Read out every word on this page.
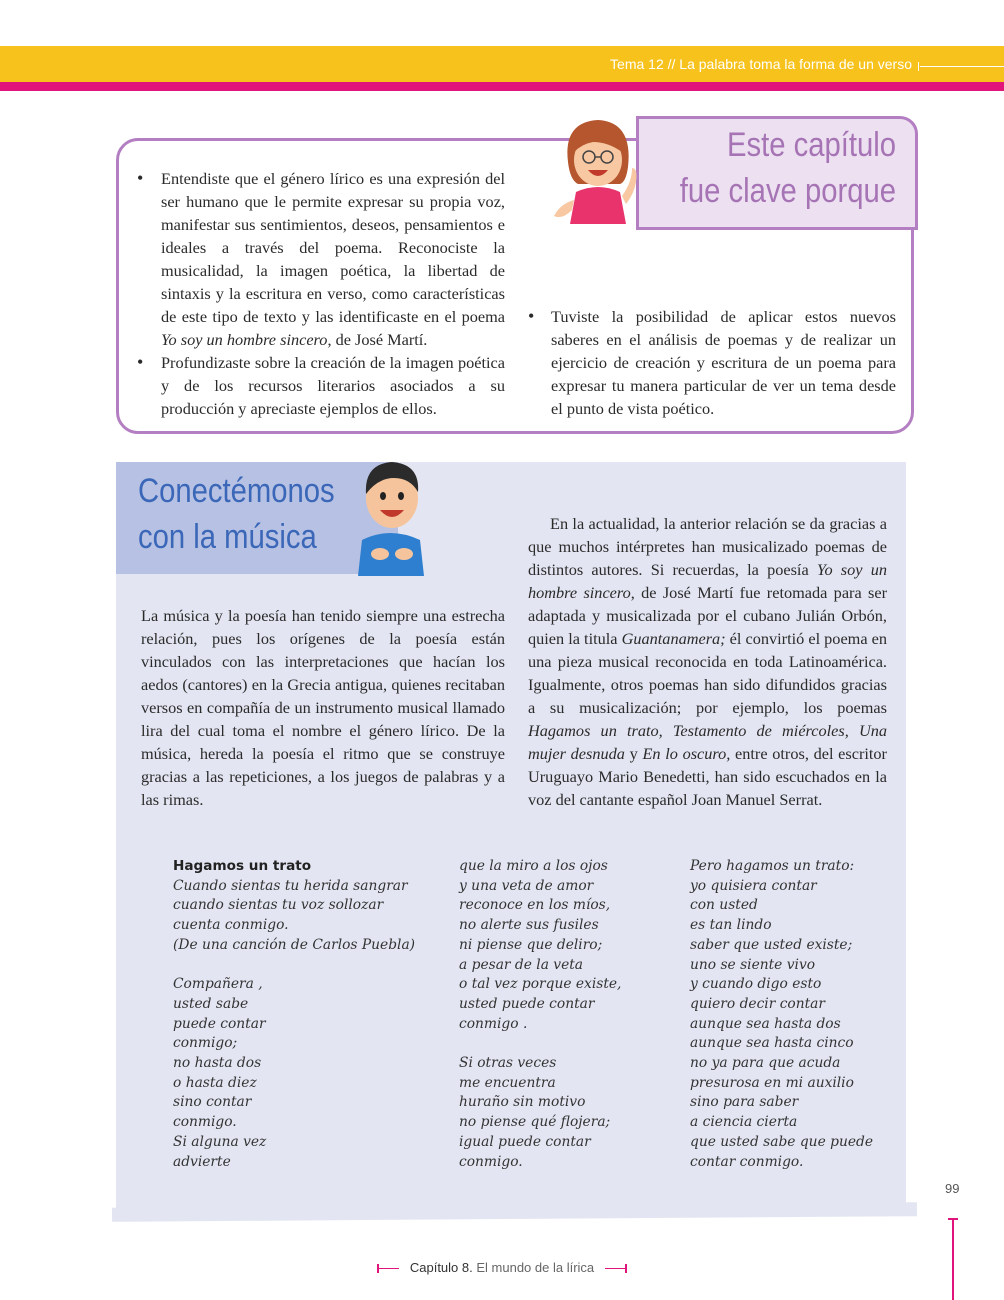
Tema 12 // La palabra toma la forma de un verso
Este capítulo
fue clave porque
• Entendiste que el género lírico es una expresión del ser humano que le permite expresar su propia voz, manifestar sus sentimientos, deseos, pensamientos e ideales a través del poema. Reconociste la musicalidad, la imagen poética, la libertad de sintaxis y la escritura en verso, como características de este tipo de texto y las identificaste en el poema Yo soy un hombre sincero, de José Martí.
• Profundizaste sobre la creación de la imagen poética y de los recursos literarios asociados a su producción y apreciaste ejemplos de ellos.
• Tuviste la posibilidad de aplicar estos nuevos saberes en el análisis de poemas y de realizar un ejercicio de creación y escritura de un poema para expresar tu manera particular de ver un tema desde el punto de vista poético.
Conectémonos
con la música
La música y la poesía han tenido siempre una estrecha relación, pues los orígenes de la poesía están vinculados con las interpretaciones que hacían los aedos (cantores) en la Grecia antigua, quienes recitaban versos en compañía de un instrumento musical llamado lira del cual toma el nombre el género lírico. De la música, hereda la poesía el ritmo que se construye gracias a las repeticiones, a los juegos de palabras y a las rimas.
En la actualidad, la anterior relación se da gracias a que muchos intérpretes han musicalizado poemas de distintos autores. Si recuerdas, la poesía Yo soy un hombre sincero, de José Martí fue retomada para ser adaptada y musicalizada por el cubano Julián Orbón, quien la titula Guantanamera; él convirtió el poema en una pieza musical reconocida en toda Latinoamérica. Igualmente, otros poemas han sido difundidos gracias a su musicalización; por ejemplo, los poemas Hagamos un trato, Testamento de miércoles, Una mujer desnuda y En lo oscuro, entre otros, del escritor Uruguayo Mario Benedetti, han sido escuchados en la voz del cantante español Joan Manuel Serrat.
Hagamos un trato
Cuando sientas tu herida sangrar
cuando sientas tu voz sollozar
cuenta conmigo.
(De una canción de Carlos Puebla)

Compañera ,
usted sabe
puede contar
conmigo;
no hasta dos
o hasta diez
sino contar
conmigo.
Si alguna vez
advierte
que la miro a los ojos
y una veta de amor
reconoce en los míos,
no alerte sus fusiles
ni piense que deliro;
a pesar de la veta
o tal vez porque existe,
usted puede contar
conmigo .

Si otras veces
me encuentra
huraño sin motivo
no piense qué flojera;
igual puede contar
conmigo.
Pero hagamos un trato:
yo quisiera contar
con usted
es tan lindo
saber que usted existe;
uno se siente vivo
y cuando digo esto
quiero decir contar
aunque sea hasta dos
aunque sea hasta cinco
no ya para que acuda
presurosa en mi auxilio
sino para saber
a ciencia cierta
que usted sabe que puede
contar conmigo.
99
Capítulo 8. El mundo de la lírica
